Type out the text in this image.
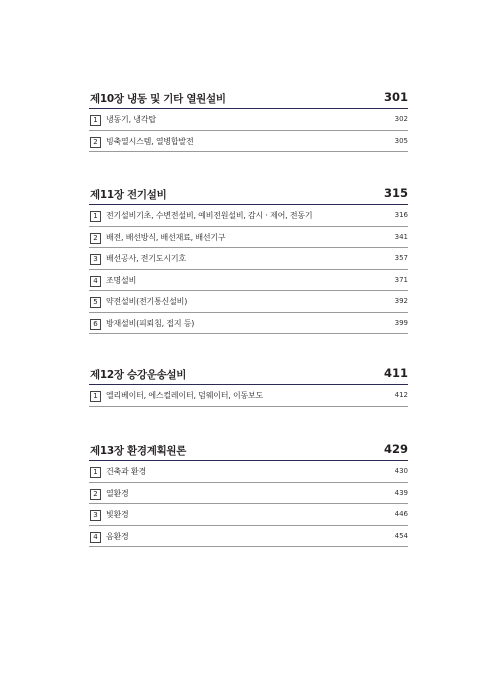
제10장 냉동 및 기타 열원설비	301
1	냉동기, 냉각탑	302
2	빙축열시스템, 열병합발전	305
제11장 전기설비	315
1	전기설비기초, 수변전설비, 예비전원설비, 감시 · 제어, 전동기	316
2	배전, 배선방식, 배선재료, 배선기구	341
3	배선공사, 전기도시기호	357
4	조명설비	371
5	약전설비(전기통신설비)	392
6	방재설비(피뢰침, 접지 등)	399
제12장 승강운송설비	411
1	엘리베이터, 에스컬레이터, 덤웨이터, 이동보도	412
제13장 환경계획원론	429
1	건축과 환경	430
2	열환경	439
3	빛환경	446
4	음환경	454
